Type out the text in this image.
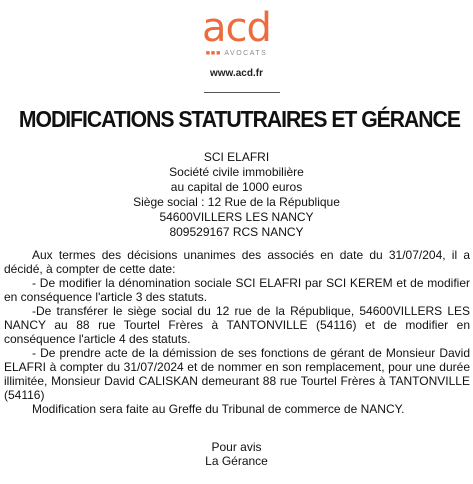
acd
■■■ AVOCATS
www.acd.fr
MODIFICATIONS STATUTRAIRES ET GÉRANCE
SCI ELAFRI
Société civile immobilière
au capital de 1000 euros
Siège social : 12 Rue de la République
54600VILLERS LES NANCY
809529167 RCS NANCY

Aux termes des décisions unanimes des associés en date du 31/07/204, il a décidé, à compter de cette date:

- De modifier la dénomination sociale SCI ELAFRI par SCI KEREM et de modifier en conséquence l'article 3 des statuts.

-De transférer le siège social du 12 rue de la République, 54600VILLERS LES NANCY au 88 rue Tourtel Frères à TANTONVILLE (54116) et de modifier en conséquence l'article 4 des statuts.

- De prendre acte de la démission de ses fonctions de gérant de Monsieur David ELAFRI à compter du 31/07/2024 et de nommer en son remplacement, pour une durée illimitée, Monsieur David CALISKAN demeurant 88 rue Tourtel Frères à TANTONVILLE (54116)

Modification sera faite au Greffe du Tribunal de commerce de NANCY.

Pour avis
La Gérance
